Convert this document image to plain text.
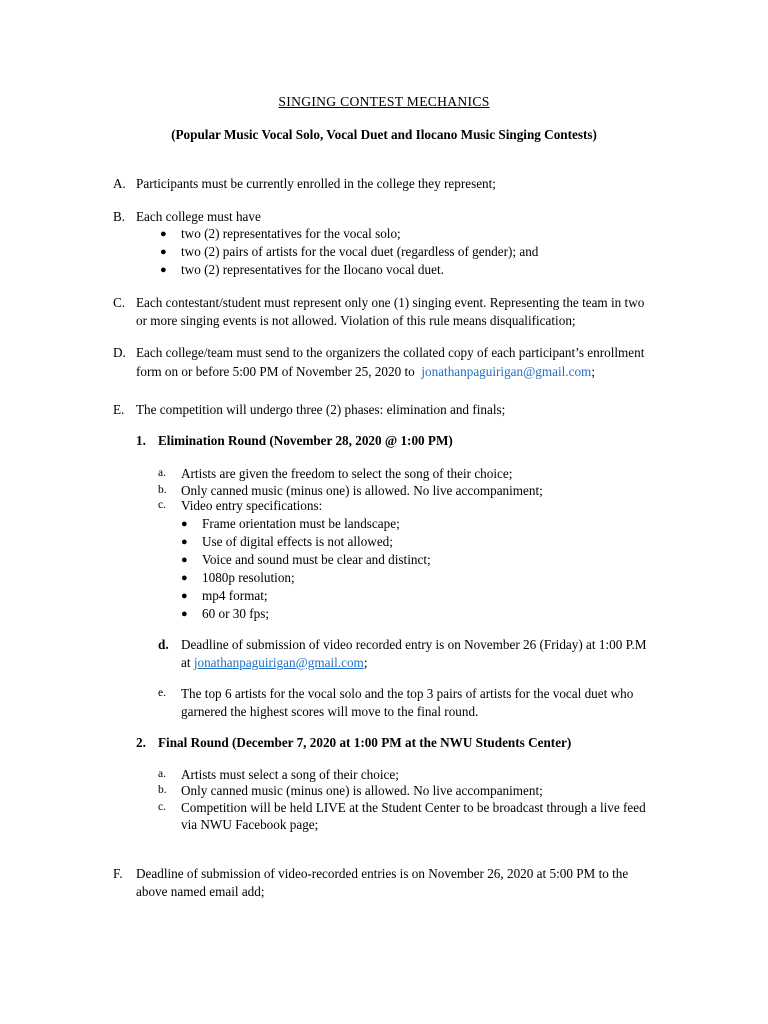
SINGING CONTEST MECHANICS
(Popular Music Vocal Solo, Vocal Duet and Ilocano Music Singing Contests)
A. Participants must be currently enrolled in the college they represent;
B. Each college must have
● two (2) representatives for the vocal solo;
● two (2) pairs of artists for the vocal duet (regardless of gender); and
● two (2) representatives for the Ilocano vocal duet.
C. Each contestant/student must represent only one (1) singing event. Representing the team in two
or more singing events is not allowed. Violation of this rule means disqualification;
D. Each college/team must send to the organizers the collated copy of each participant’s enrollment
form on or before 5:00 PM of November 25, 2020 to jonathanpaguirigan@gmail.com;
E. The competition will undergo three (2) phases: elimination and finals;
1. Elimination Round (November 28, 2020 @ 1:00 PM)
a. Artists are given the freedom to select the song of their choice;
b. Only canned music (minus one) is allowed. No live accompaniment;
c. Video entry specifications:
● Frame orientation must be landscape;
● Use of digital effects is not allowed;
● Voice and sound must be clear and distinct;
● 1080p resolution;
● mp4 format;
● 60 or 30 fps;
d. Deadline of submission of video recorded entry is on November 26 (Friday) at 1:00 P.M
at jonathanpaguirigan@gmail.com;
e. The top 6 artists for the vocal solo and the top 3 pairs of artists for the vocal duet who
garnered the highest scores will move to the final round.
2. Final Round (December 7, 2020 at 1:00 PM at the NWU Students Center)
a. Artists must select a song of their choice;
b. Only canned music (minus one) is allowed. No live accompaniment;
c. Competition will be held LIVE at the Student Center to be broadcast through a live feed
via NWU Facebook page;
F. Deadline of submission of video-recorded entries is on November 26, 2020 at 5:00 PM to the
above named email add;
